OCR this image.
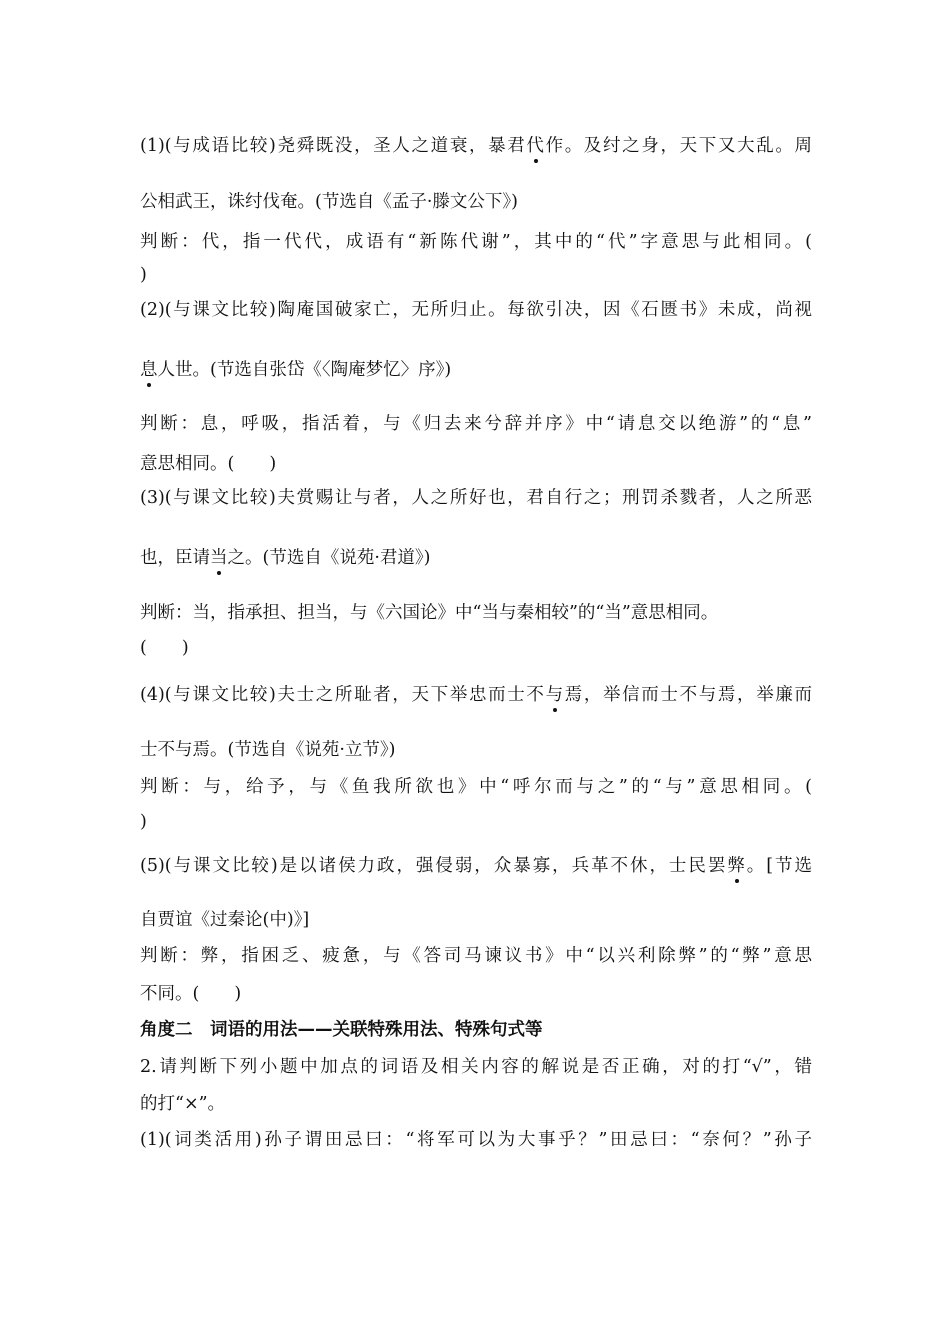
(1)(与成语比较)尧舜既没，圣人之道衰，暴君代作。及纣之身，天下又大乱。周
公相武王，诛纣伐奄。(节选自《孟子·滕文公下》)
判断：代，指一代代，成语有“新陈代谢”，其中的“代”字意思与此相同。(
)
(2)(与课文比较)陶庵国破家亡，无所归止。每欲引决，因《石匮书》未成，尚视
息人世。(节选自张岱《〈陶庵梦忆〉序》)
判断：息，呼吸，指活着，与《归去来兮辞并序》中“请息交以绝游”的“息”
意思相同。(　　)
(3)(与课文比较)夫赏赐让与者，人之所好也，君自行之；刑罚杀戮者，人之所恶
也，臣请当之。(节选自《说苑·君道》)
判断：当，指承担、担当，与《六国论》中“当与秦相较”的“当”意思相同。
(　　)
(4)(与课文比较)夫士之所耻者，天下举忠而士不与焉，举信而士不与焉，举廉而
士不与焉。(节选自《说苑·立节》)
判断：与，给予，与《鱼我所欲也》中“呼尔而与之”的“与”意思相同。(
)
(5)(与课文比较)是以诸侯力政，强侵弱，众暴寡，兵革不休，士民罢弊。[节选
自贾谊《过秦论(中)》]
判断：弊，指困乏、疲惫，与《答司马谏议书》中“以兴利除弊”的“弊”意思
不同。(　　)
角度二　词语的用法——关联特殊用法、特殊句式等
2.请判断下列小题中加点的词语及相关内容的解说是否正确，对的打“√”，错
的打“×”。
(1)(词类活用)孙子谓田忌曰：“将军可以为大事乎？”田忌曰：“奈何？”孙子
